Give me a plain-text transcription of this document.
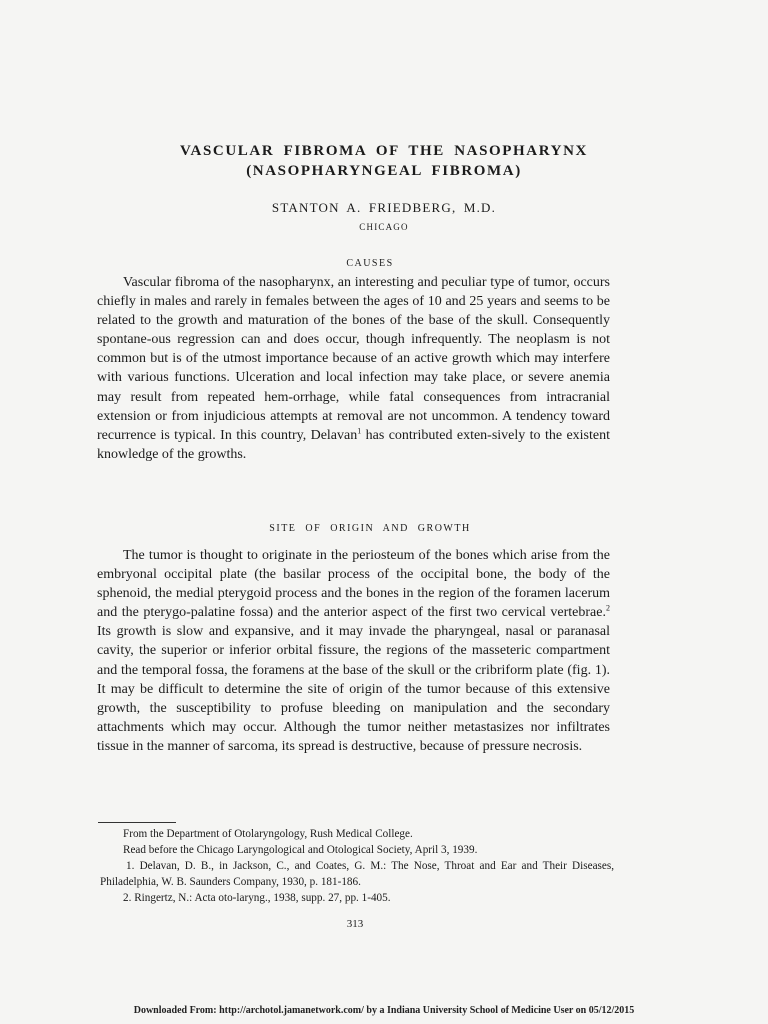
VASCULAR FIBROMA OF THE NASOPHARYNX
(NASOPHARYNGEAL FIBROMA)
STANTON A. FRIEDBERG, M.D.
CHICAGO
CAUSES

Vascular fibroma of the nasopharynx, an interesting and peculiar type of tumor, occurs chiefly in males and rarely in females between the ages of 10 and 25 years and seems to be related to the growth and maturation of the bones of the base of the skull. Consequently spontane-ous regression can and does occur, though infrequently. The neoplasm is not common but is of the utmost importance because of an active growth which may interfere with various functions. Ulceration and local infection may take place, or severe anemia may result from repeated hem-orrhage, while fatal consequences from intracranial extension or from injudicious attempts at removal are not uncommon. A tendency toward recurrence is typical. In this country, Delavan$^1$ has contributed exten-sively to the existent knowledge of the growths.

SITE OF ORIGIN AND GROWTH

The tumor is thought to originate in the periosteum of the bones which arise from the embryonal occipital plate (the basilar process of the occipital bone, the body of the sphenoid, the medial pterygoid process and the bones in the region of the foramen lacerum and the pterygo-palatine fossa) and the anterior aspect of the first two cervical vertebrae.$^2$ Its growth is slow and expansive, and it may invade the pharyngeal, nasal or paranasal cavity, the superior or inferior orbital fissure, the regions of the masseteric compartment and the temporal fossa, the foramens at the base of the skull or the cribriform plate (fig. 1). It may be difficult to determine the site of origin of the tumor because of this extensive growth, the susceptibility to profuse bleeding on manipulation and the secondary attachments which may occur. Although the tumor neither metastasizes nor infiltrates tissue in the manner of sarcoma, its spread is destructive, because of pressure necrosis.

From the Department of Otolaryngology, Rush Medical College.

Read before the Chicago Laryngological and Otological Society, April 3, 1939.

1. Delavan, D. B., in Jackson, C., and Coates, G. M.: The Nose, Throat and Ear and Their Diseases, Philadelphia, W. B. Saunders Company, 1930, p. 181-186.

2. Ringertz, N.: Acta oto-laryng., 1938, supp. 27, pp. 1-405.

313
Downloaded From: http://archotol.jamanetwork.com/ by a Indiana University School of Medicine User on 05/12/2015
